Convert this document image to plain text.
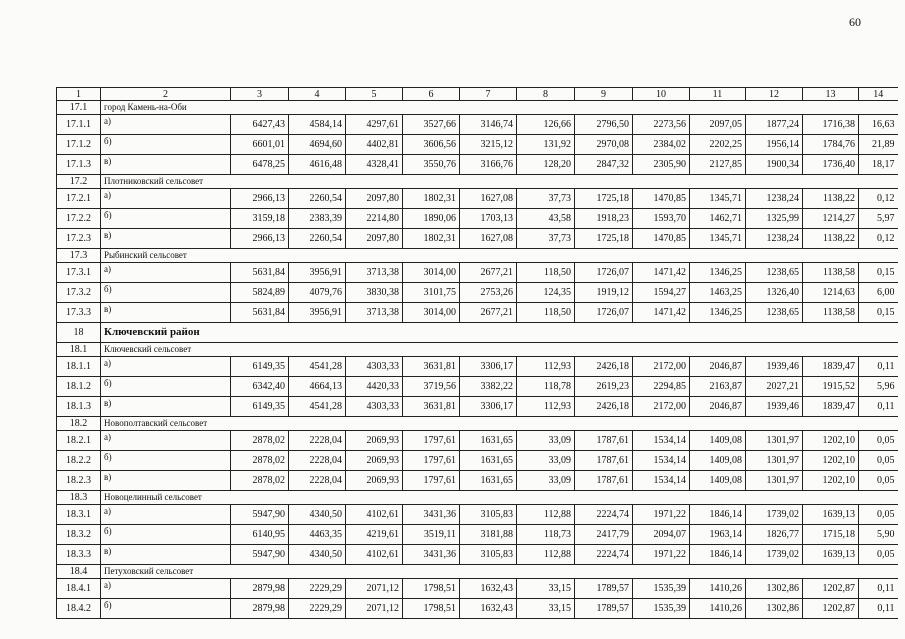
60
1	2	3	4	5	6	7	8	9	10	11	12	13	14
17.1	город Камень-на-Оби												
17.1.1	а)	6427,43	4584,14	4297,61	3527,66	3146,74	126,66	2796,50	2273,56	2097,05	1877,24	1716,38	16,63
17.1.2	б)	6601,01	4694,60	4402,81	3606,56	3215,12	131,92	2970,08	2384,02	2202,25	1956,14	1784,76	21,89
17.1.3	в)	6478,25	4616,48	4328,41	3550,76	3166,76	128,20	2847,32	2305,90	2127,85	1900,34	1736,40	18,17
17.2	Плотниковский сельсовет												
17.2.1	а)	2966,13	2260,54	2097,80	1802,31	1627,08	37,73	1725,18	1470,85	1345,71	1238,24	1138,22	0,12
17.2.2	б)	3159,18	2383,39	2214,80	1890,06	1703,13	43,58	1918,23	1593,70	1462,71	1325,99	1214,27	5,97
17.2.3	в)	2966,13	2260,54	2097,80	1802,31	1627,08	37,73	1725,18	1470,85	1345,71	1238,24	1138,22	0,12
17.3	Рыбинский сельсовет												
17.3.1	а)	5631,84	3956,91	3713,38	3014,00	2677,21	118,50	1726,07	1471,42	1346,25	1238,65	1138,58	0,15
17.3.2	б)	5824,89	4079,76	3830,38	3101,75	2753,26	124,35	1919,12	1594,27	1463,25	1326,40	1214,63	6,00
17.3.3	в)	5631,84	3956,91	3713,38	3014,00	2677,21	118,50	1726,07	1471,42	1346,25	1238,65	1138,58	0,15
18	Ключевский район												
18.1	Ключевский сельсовет												
18.1.1	а)	6149,35	4541,28	4303,33	3631,81	3306,17	112,93	2426,18	2172,00	2046,87	1939,46	1839,47	0,11
18.1.2	б)	6342,40	4664,13	4420,33	3719,56	3382,22	118,78	2619,23	2294,85	2163,87	2027,21	1915,52	5,96
18.1.3	в)	6149,35	4541,28	4303,33	3631,81	3306,17	112,93	2426,18	2172,00	2046,87	1939,46	1839,47	0,11
18.2	Новополтавский сельсовет												
18.2.1	а)	2878,02	2228,04	2069,93	1797,61	1631,65	33,09	1787,61	1534,14	1409,08	1301,97	1202,10	0,05
18.2.2	б)	2878,02	2228,04	2069,93	1797,61	1631,65	33,09	1787,61	1534,14	1409,08	1301,97	1202,10	0,05
18.2.3	в)	2878,02	2228,04	2069,93	1797,61	1631,65	33,09	1787,61	1534,14	1409,08	1301,97	1202,10	0,05
18.3	Новоцелинный сельсовет												
18.3.1	а)	5947,90	4340,50	4102,61	3431,36	3105,83	112,88	2224,74	1971,22	1846,14	1739,02	1639,13	0,05
18.3.2	б)	6140,95	4463,35	4219,61	3519,11	3181,88	118,73	2417,79	2094,07	1963,14	1826,77	1715,18	5,90
18.3.3	в)	5947,90	4340,50	4102,61	3431,36	3105,83	112,88	2224,74	1971,22	1846,14	1739,02	1639,13	0,05
18.4	Петуховский сельсовет												
18.4.1	а)	2879,98	2229,29	2071,12	1798,51	1632,43	33,15	1789,57	1535,39	1410,26	1302,86	1202,87	0,11
18.4.2	б)	2879,98	2229,29	2071,12	1798,51	1632,43	33,15	1789,57	1535,39	1410,26	1302,86	1202,87	0,11
